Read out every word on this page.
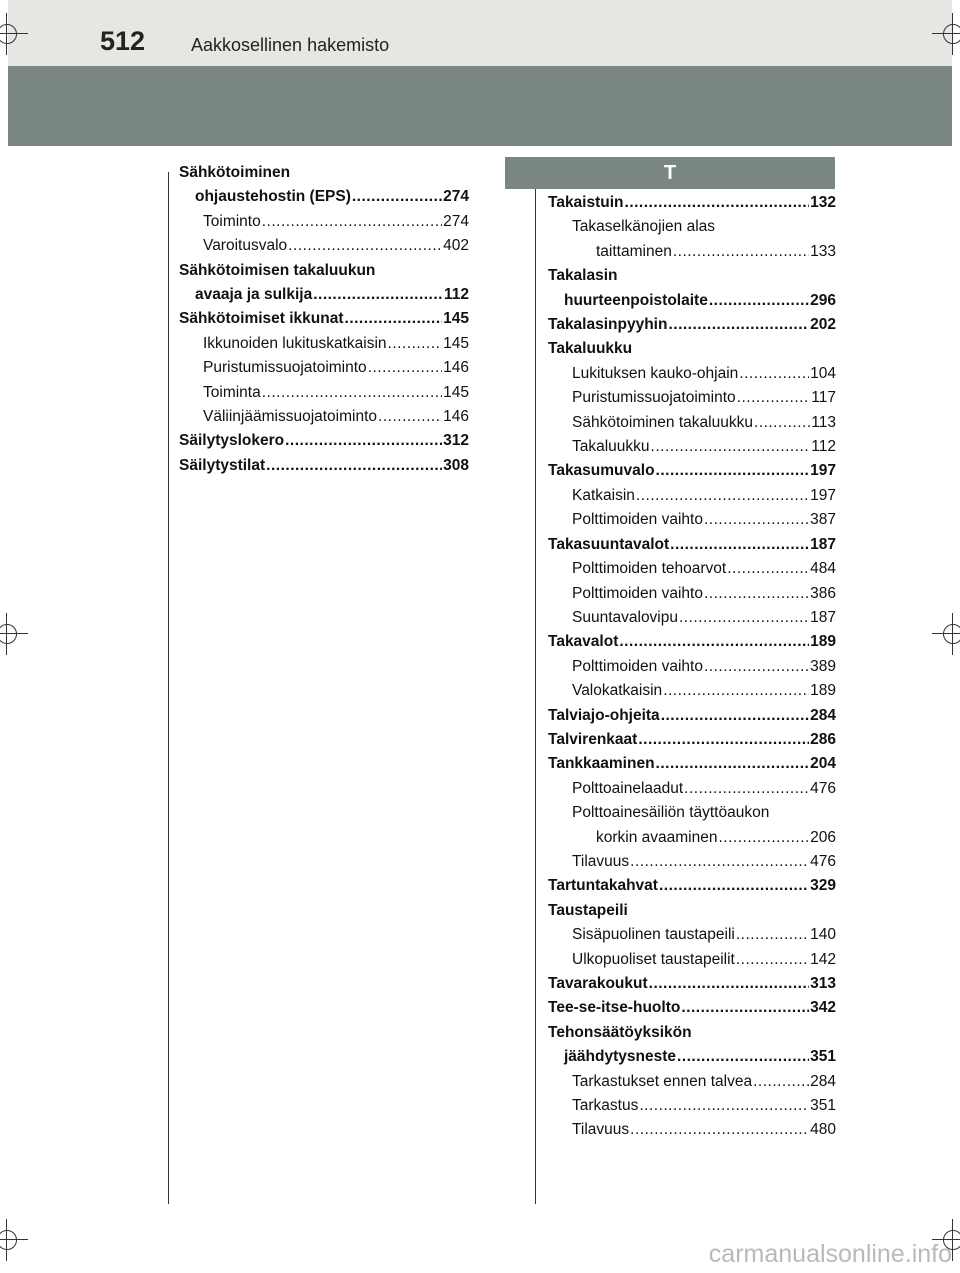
512	Aakkosellinen hakemisto
Sähkötoiminen
ohjaustehostin (EPS) .....	274
Toiminto .....	274
Varoitusvalo .....	402
Sähkötoimisen takaluukun
avaaja ja sulkija .....	112
Sähkötoimiset ikkunat .....	145
Ikkunoiden lukituskatkaisin .....	145
Puristumissuojatoiminto .....	146
Toiminta .....	145
Väliinjäämissuojatoiminto .....	146
Säilytyslokero .....	312
Säilytystilat .....	308
T
Takaistuin .....	132
Takaselkänojien alas
taittaminen .....	133
Takalasin
huurteenpoistolaite .....	296
Takalasinpyyhin .....	202
Takaluukku
Lukituksen kauko-ohjain .....	104
Puristumissuojatoiminto .....	117
Sähkötoiminen takaluukku .....	113
Takaluukku .....	112
Takasumuvalo .....	197
Katkaisin .....	197
Polttimoiden vaihto .....	387
Takasuuntavalot .....	187
Polttimoiden tehoarvot .....	484
Polttimoiden vaihto .....	386
Suuntavalovipu .....	187
Takavalot .....	189
Polttimoiden vaihto .....	389
Valokatkaisin .....	189
Talviajo-ohjeita .....	284
Talvirenkaat .....	286
Tankkaaminen .....	204
Polttoainelaadut .....	476
Polttoainesäiliön täyttöaukon
korkin avaaminen .....	206
Tilavuus .....	476
Tartuntakahvat .....	329
Taustapeili
Sisäpuolinen taustapeili .....	140
Ulkopuoliset taustapeilit .....	142
Tavarakoukut .....	313
Tee-se-itse-huolto .....	342
Tehonsäätöyksikön
jäähdytysneste .....	351
Tarkastukset ennen talvea .....	284
Tarkastus .....	351
Tilavuus .....	480
carmanualsonline.info
